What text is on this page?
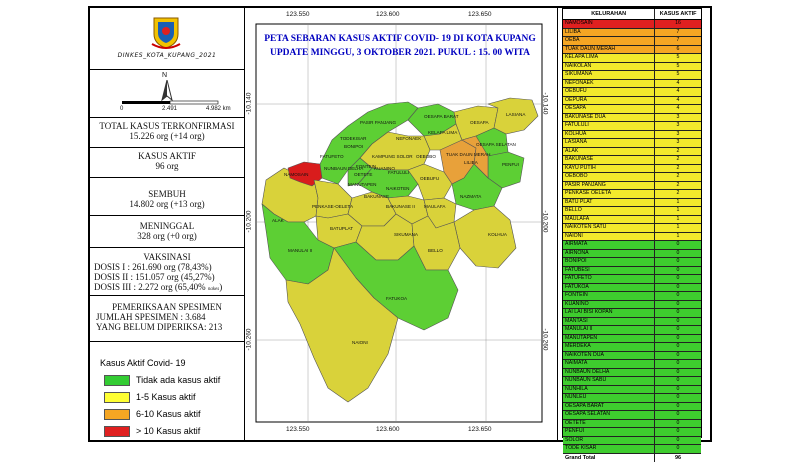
DINKES_KOTA_KUPANG_2021
N
0	2.491	4.982 km
TOTAL KASUS TERKONFIRMASI
15.226 org (+14 org)
KASUS AKTIF
96 org
SEMBUH
14.802 org (+13 org)
MENINGGAL
328 org (+0 org)
VAKSINASI
DOSIS I : 261.690 org (78,43%)
DOSIS II : 151.057 org (45,27%)
DOSIS III : 2.272 org (65,40% nakes)
PEMERIKSAAN SPESIMEN
JUMLAH SPESIMEN : 3.684
YANG BELUM DIPERIKSA: 213
Kasus Aktif Covid- 19
Tidak ada kasus aktif
1-5 Kasus aktif
6-10 Kasus aktif
> 10 Kasus aktif
123.550	123.600	123.650
123.550	123.600	123.650
-10.140
-10.200
-10.260
-10.140
-10.200
-10.260
LASIANA
OESAPA BARAT
OESAPA
PASIR PANJANG
KELAPA LIMA
TODEKISAR	NEFONAEK
BONIPOI	OESAPA SELATAN
FATUFETO	KAMPUNG SOLOR	TUAK DAUN MERAH
OEBOBO
LILIBA
NAMOSAIN
NUNBAUN DELHA KUANINO
OETETE
FONTEIN
FATULULI
OEBUFU
PENFUI
MANUTAPEN
NAIKOTEN
BAKUNASE	NAZMATA
ALAK
PENKASE-OELETA	BAKUNASE II MAULAFA
BATUPLAT
SIKUMANA	KOLHUA
MANULAI II	BELLO
FATUKOA
NAIONI
PETA SEBARAN KASUS AKTIF COVID- 19 DI KOTA KUPANG
UPDATE MINGGU, 3 OKTOBER 2021. PUKUL : 15. 00 WITA
KELURAHAN	KASUS AKTIF
NAMOSAIN	16
LILIBA	7
OEBA	7
TUAK DAUN MERAH	6
KELAPA LIMA	5
NAIKOLAN	5
SIKUMANA	5
NEFONAEK	4
OEBUFU	4
OEPURA	4
OESAPA	4
BAKUNASE DUA	3
FATULULI	3
KOLHUA	3
LASIANA	3
ALAK	2
BAKUNASE	2
KAYU PUTIH	2
OEBOBO	2
PASIR PANJANG	2
PENKASE OELETA	2
BATU PLAT	1
BELLO	1
MAULAFA	1
NAIKOTEN SATU	1
NAIONI	1
AIRMATA	0
AIRNONA	0
BONIPOI	0
FATUBESI	0
FATUFETO	0
FATUKOA	0
FONTEIN	0
KUANINO	0
LAI LAI BISI KOPAN	0
MANTASI	0
MANULAI II	0
MANUTAPEN	0
MERDEKA	0
NAIKOTEN DUA	0
NAIMATA	0
NUNBAUN DELHA	0
NUNBAUN SABU	0
NUNHILA	0
NUNLEU	0
OESAPA BARAT	0
OESAPA SELATAN	0
OETETE	0
PENFUI	0
SOLOR	0
TODE KISAR	0
Grand Total	96
